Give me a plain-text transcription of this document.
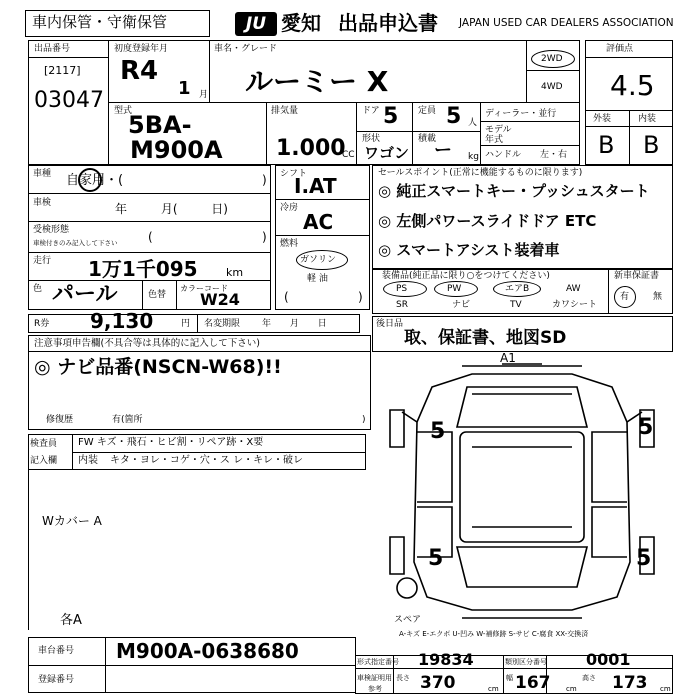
車内保管・守衛保管	JU 愛知 出品申込書 JAPAN USED CAR DEALERS ASSOCIATION
出品番号
[2117]
03047
初度登録年月
R4
1 月
車名・グレード
ルーミー X
2WD
4WD
評価点
4.5
外装	内装
B B
型式
5BA-
M900A
排気量
1.000
CC
ドア 5 定員 5 人
形状
ワゴン
積載
ー kg
ディーラー・並行
モデル年式
ハンドル 左・右
車種 自家用・(	)
車検	年 月( 日)
受検形態
車検付きのみ記入して下さい	(	)
走行 1万1千095	km
色 パール	色替
カラーコード
W24
シフト
I.AT
冷房
AC
燃料
ガソリン
軽 油
(	)
セールスポイント(正常に機能するものに限ります)
◎ 純正スマートキー・プッシュスタート
◎ 左側パワースライドドア ETC
◎ スマートアシスト装着車
装備品(純正品に限り○をつけてください)	新車保証書
有	無
PS	PW	エアB	AW
SR	ナビ	TV	カワシート
R券 9,130	円 名変期限 年 月 日	後日品
取、保証書、地図SD
注意事項申告欄(不具合等は具体的に記入して下さい)
◎ ナビ品番(NSCN-W68)!!
修復歴	有(箇所	)
検査員
記入欄
FW キズ・飛石・ヒビ割・リペア跡・X要
内装 キタ・ヨレ・コゲ・穴・ス レ・キレ・破レ
Wカバー A
各A
A1
5	5
5	5
スペア
A-キズ E-エクボ U-凹み W-補修跡 S-サビ C-腐食 XX-交換済
車台番号 M900A-0638680
登録番号
形式指定番号 19834	類別区分番号 0001
車検証明用
参考
長さ 370	cm
幅 167 cm
高さ 173 cm
